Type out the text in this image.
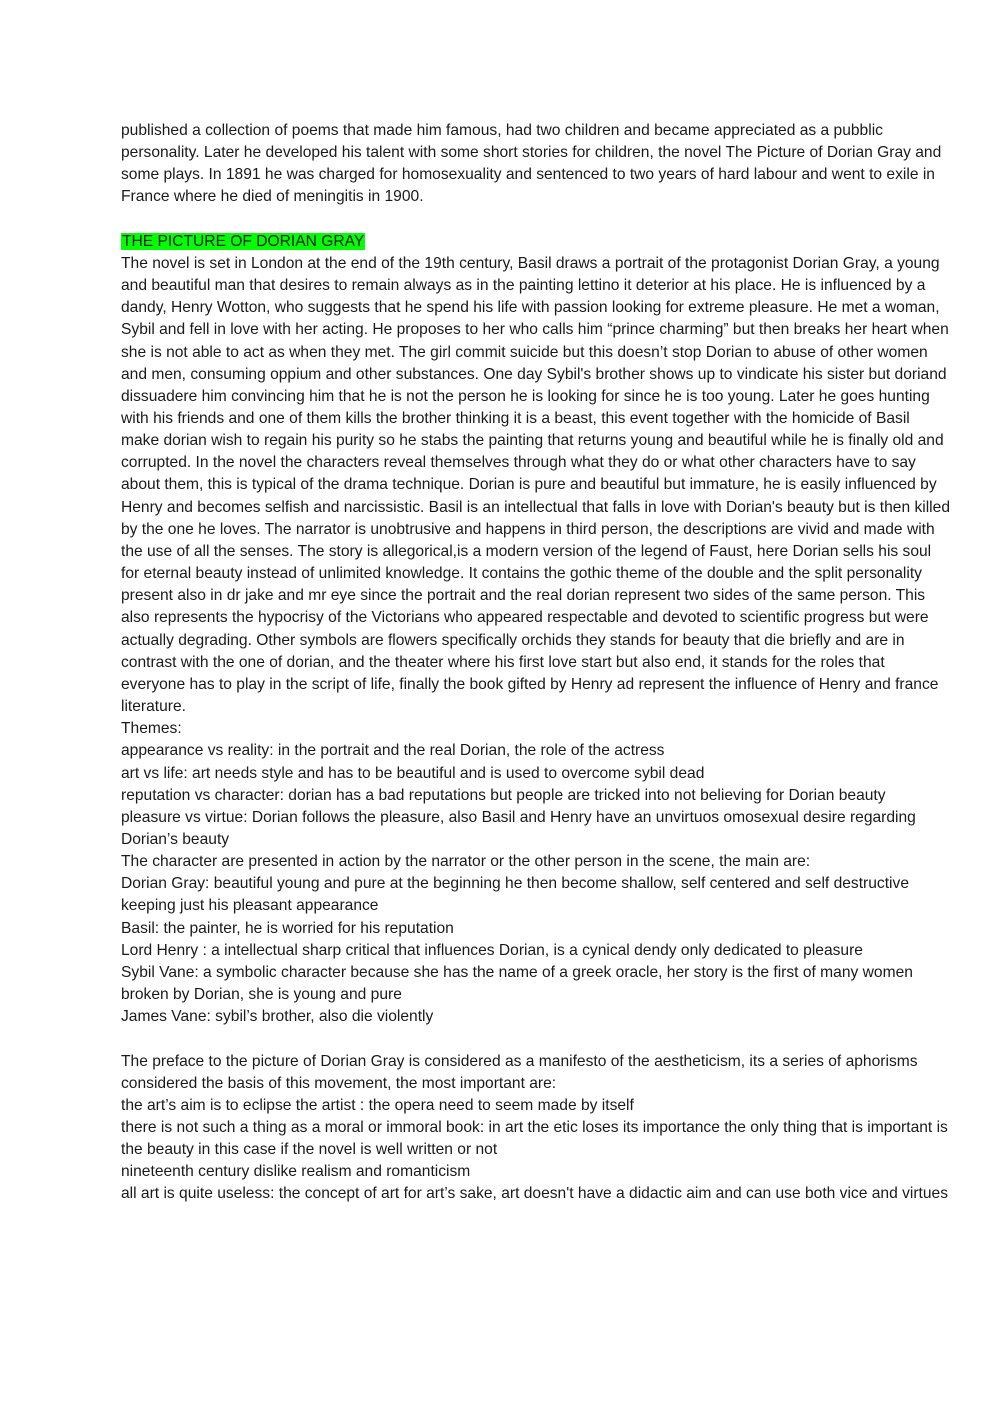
published a collection of poems that made him famous, had two children and became appreciated as a pubblic personality. Later he developed his talent with some short stories for children, the novel The Picture of Dorian Gray and some plays. In 1891 he was charged for homosexuality and sentenced to two years of hard labour and went to exile in France where he died of meningitis in 1900.

THE PICTURE OF DORIAN GRAY

The novel is set in London at the end of the 19th century, Basil draws a portrait of the protagonist Dorian Gray, a young and beautiful man that desires to remain always as in the painting lettino it deterior at his place. He is influenced by a dandy, Henry Wotton, who suggests that he spend his life with passion looking for extreme pleasure. He met a woman, Sybil and fell in love with her acting. He proposes to her who calls him “prince charming” but then breaks her heart when she is not able to act as when they met. The girl commit suicide but this doesn’t stop Dorian to abuse of other women and men, consuming oppium and other substances. One day Sybil's brother shows up to vindicate his sister but doriand dissuadere him convincing him that he is not the person he is looking for since he is too young. Later he goes hunting with his friends and one of them kills the brother thinking it is a beast, this event together with the homicide of Basil make dorian wish to regain his purity so he stabs the painting that returns young and beautiful while he is finally old and corrupted. In the novel the characters reveal themselves through what they do or what other characters have to say about them, this is typical of the drama technique. Dorian is pure and beautiful but immature, he is easily influenced by Henry and becomes selfish and narcissistic. Basil is an intellectual that falls in love with Dorian's beauty but is then killed by the one he loves. The narrator is unobtrusive and happens in third person, the descriptions are vivid and made with the use of all the senses. The story is allegorical,is a modern version of the legend of Faust, here Dorian sells his soul for eternal beauty instead of unlimited knowledge. It contains the gothic theme of the double and the split personality present also in dr jake and mr eye since the portrait and the real dorian represent two sides of the same person. This also represents the hypocrisy of the Victorians who appeared respectable and devoted to scientific progress but were actually degrading. Other symbols are flowers specifically orchids they stands for beauty that die briefly and are in contrast with the one of dorian, and the theater where his first love start but also end, it stands for the roles that everyone has to play in the script of life, finally the book gifted by Henry ad represent the influence of Henry and france literature.

Themes:

appearance vs reality: in the portrait and the real Dorian, the role of the actress

art vs life: art needs style and has to be beautiful and is used to overcome sybil dead

reputation vs character: dorian has a bad reputations but people are tricked into not believing for Dorian beauty

pleasure vs virtue: Dorian follows the pleasure, also Basil and Henry have an unvirtuos omosexual desire regarding Dorian’s beauty

The character are presented in action by the narrator or the other person in the scene, the main are:

Dorian Gray: beautiful young and pure at the beginning he then become shallow, self centered and self destructive keeping just his pleasant appearance

Basil: the painter, he is worried for his reputation

Lord Henry : a intellectual sharp critical that influences Dorian, is a cynical dendy only dedicated to pleasure

Sybil Vane: a symbolic character because she has the name of a greek oracle, her story is the first of many women broken by Dorian, she is young and pure

James Vane: sybil’s brother, also die violently

The preface to the picture of Dorian Gray is considered as a manifesto of the aestheticism, its a series of aphorisms considered the basis of this movement, the most important are:

the art’s aim is to eclipse the artist : the opera need to seem made by itself

there is not such a thing as a moral or immoral book: in art the etic loses its importance the only thing that is important is the beauty in this case if the novel is well written or not

nineteenth century dislike realism and romanticism

all art is quite useless: the concept of art for art’s sake, art doesn't have a didactic aim and can use both vice and virtues
